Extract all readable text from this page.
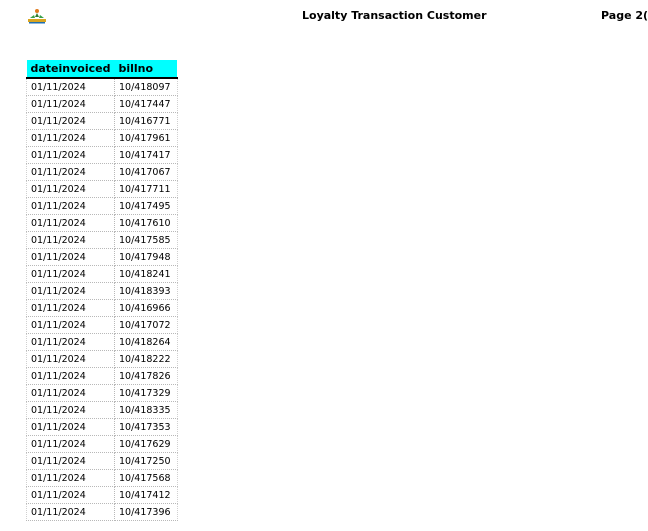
Loyalty Transaction Customer	Page 2(
dateinvoiced	billno
01/11/2024	10/418097
01/11/2024	10/417447
01/11/2024	10/416771
01/11/2024	10/417961
01/11/2024	10/417417
01/11/2024	10/417067
01/11/2024	10/417711
01/11/2024	10/417495
01/11/2024	10/417610
01/11/2024	10/417585
01/11/2024	10/417948
01/11/2024	10/418241
01/11/2024	10/418393
01/11/2024	10/416966
01/11/2024	10/417072
01/11/2024	10/418264
01/11/2024	10/418222
01/11/2024	10/417826
01/11/2024	10/417329
01/11/2024	10/418335
01/11/2024	10/417353
01/11/2024	10/417629
01/11/2024	10/417250
01/11/2024	10/417568
01/11/2024	10/417412
01/11/2024	10/417396
